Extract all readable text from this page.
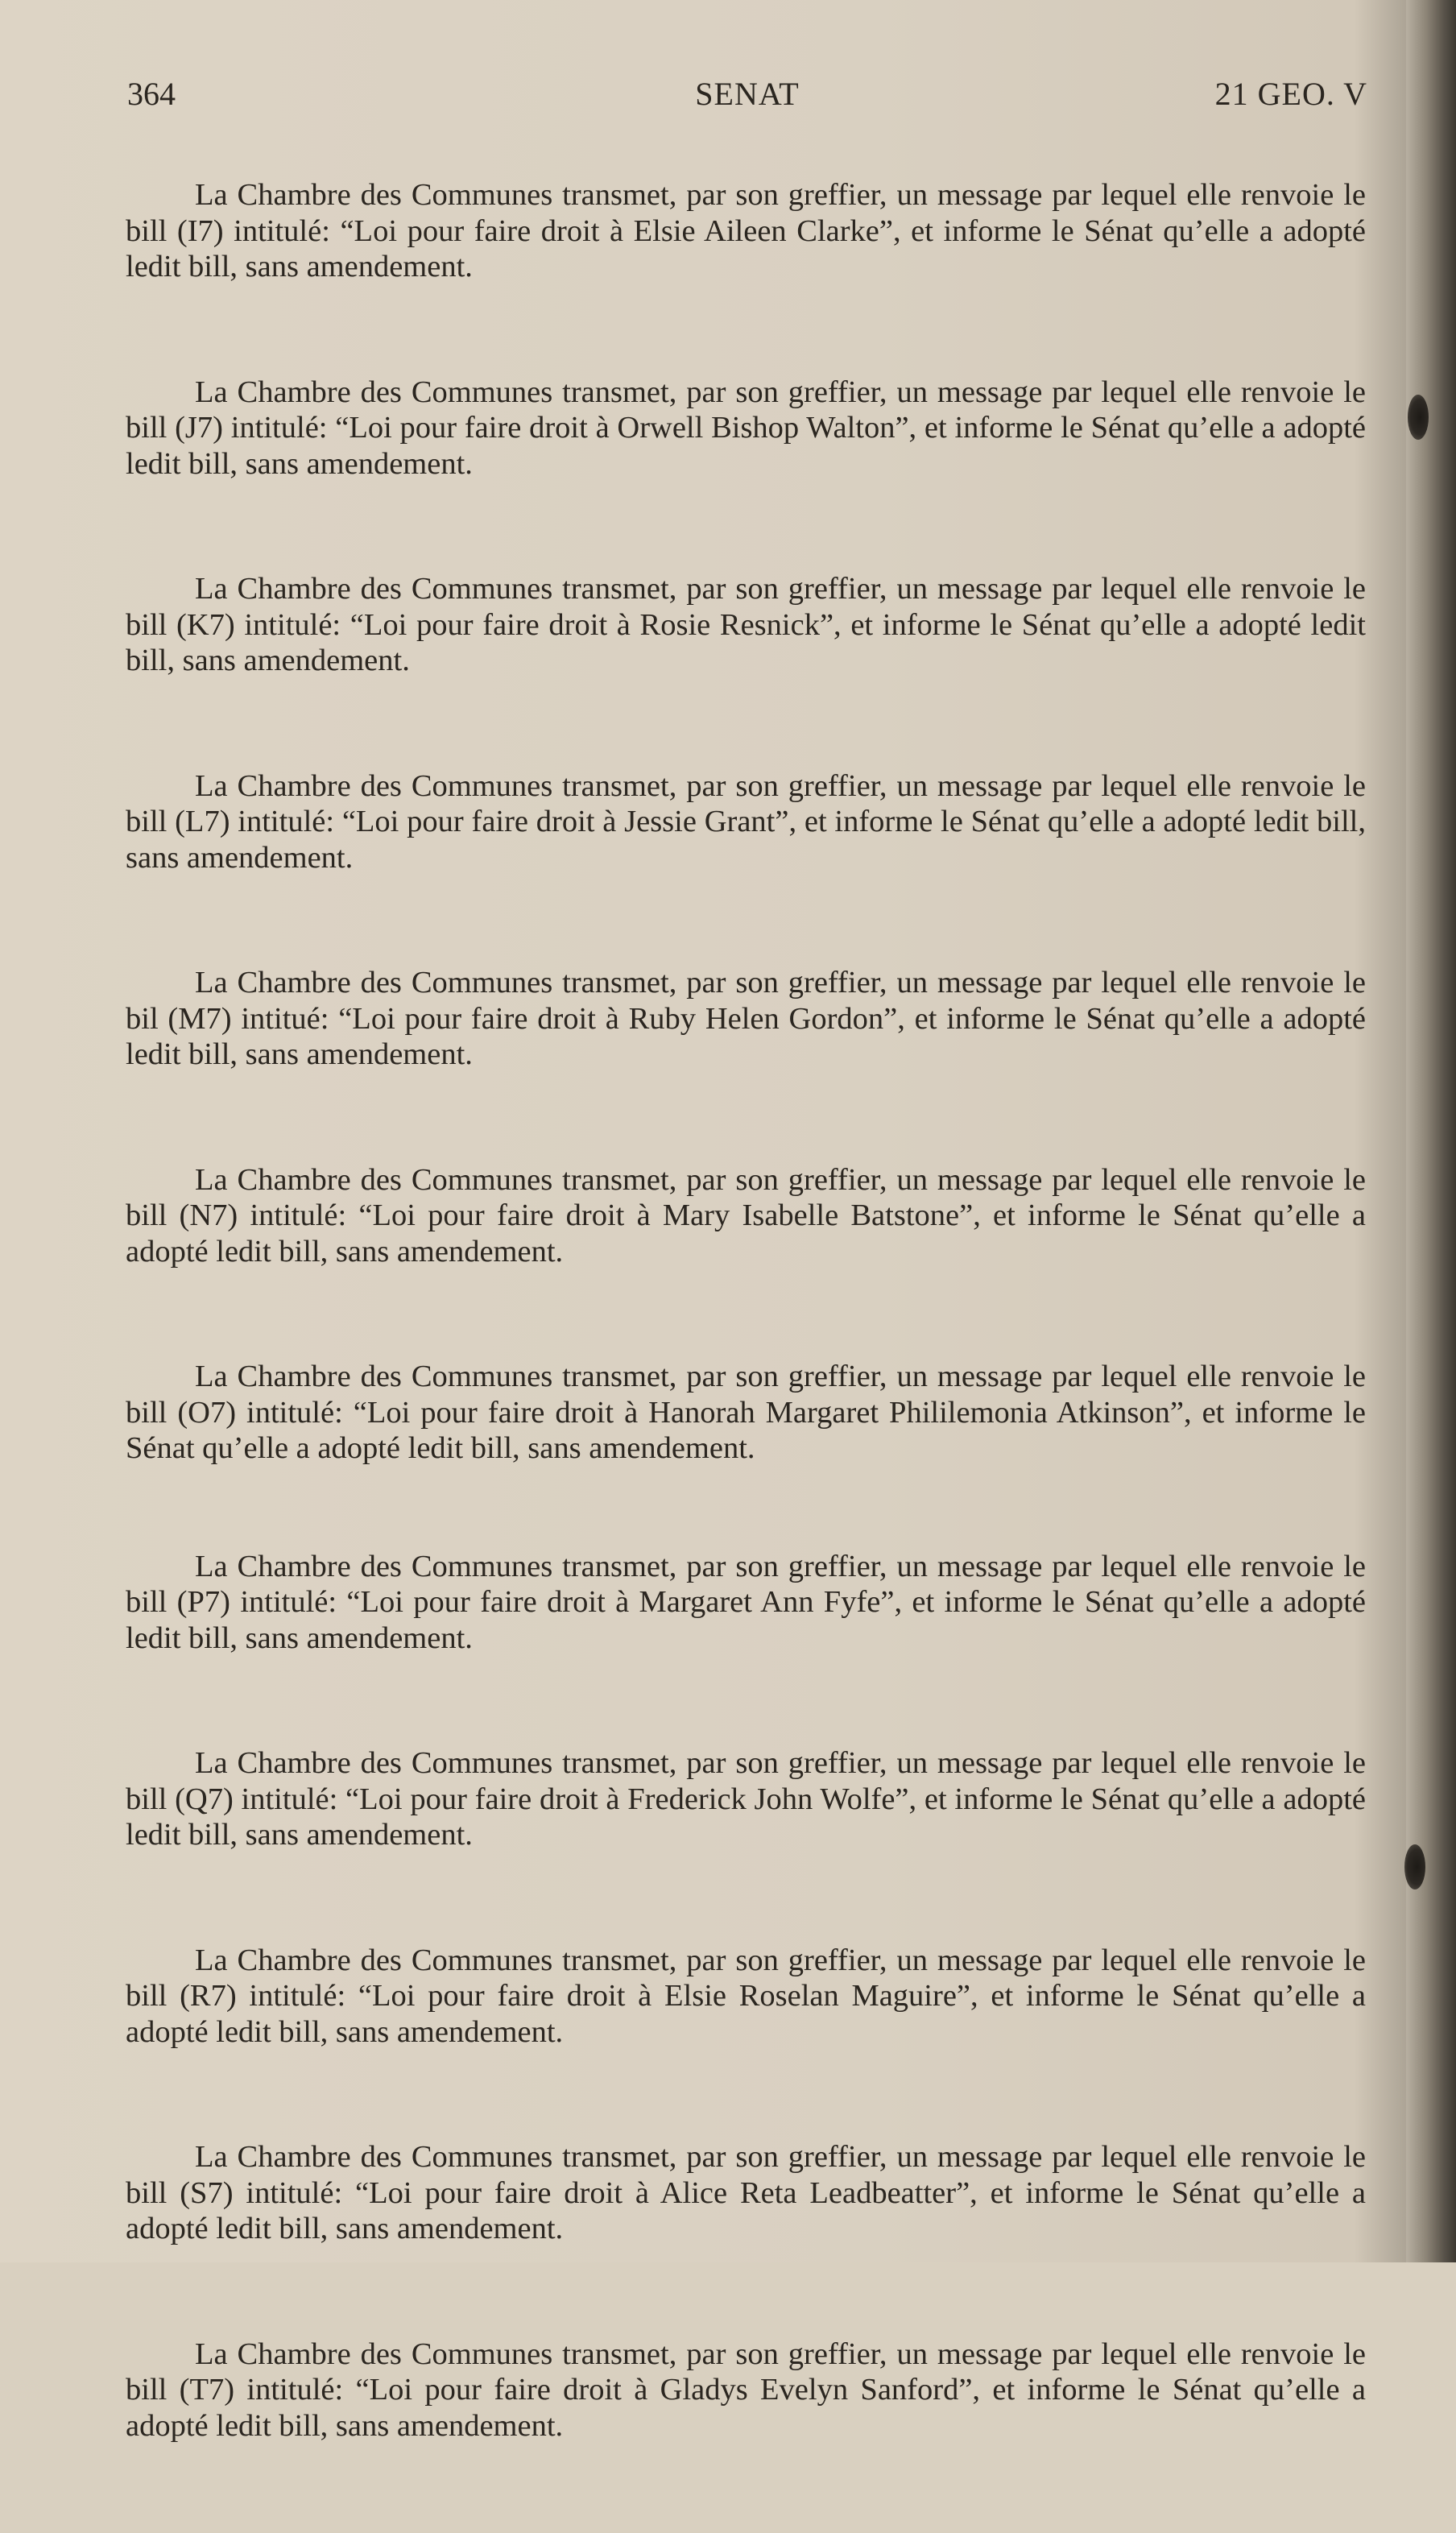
364	SENAT	21 GEO. V

La Chambre des Communes transmet, par son greffier, un message par lequel elle renvoie le bill (I7) intitulé: “Loi pour faire droit à Elsie Aileen Clarke”, et informe le Sénat qu’elle a adopté ledit bill, sans amendement.

La Chambre des Communes transmet, par son greffier, un message par lequel elle renvoie le bill (J7) intitulé: “Loi pour faire droit à Orwell Bishop Walton”, et informe le Sénat qu’elle a adopté ledit bill, sans amendement.

La Chambre des Communes transmet, par son greffier, un message par lequel elle renvoie le bill (K7) intitulé: “Loi pour faire droit à Rosie Resnick”, et informe le Sénat qu’elle a adopté ledit bill, sans amendement.

La Chambre des Communes transmet, par son greffier, un message par lequel elle renvoie le bill (L7) intitulé: “Loi pour faire droit à Jessie Grant”, et informe le Sénat qu’elle a adopté ledit bill, sans amendement.

La Chambre des Communes transmet, par son greffier, un message par lequel elle renvoie le bil (M7) intitué: “Loi pour faire droit à Ruby Helen Gordon”, et informe le Sénat qu’elle a adopté ledit bill, sans amendement.

La Chambre des Communes transmet, par son greffier, un message par lequel elle renvoie le bill (N7) intitulé: “Loi pour faire droit à Mary Isabelle Batstone”, et informe le Sénat qu’elle a adopté ledit bill, sans amendement.

La Chambre des Communes transmet, par son greffier, un message par lequel elle renvoie le bill (O7) intitulé: “Loi pour faire droit à Hanorah Margaret Phililemonia Atkinson”, et informe le Sénat qu’elle a adopté ledit bill, sans amendement.

La Chambre des Communes transmet, par son greffier, un message par lequel elle renvoie le bill (P7) intitulé: “Loi pour faire droit à Margaret Ann Fyfe”, et informe le Sénat qu’elle a adopté ledit bill, sans amendement.

La Chambre des Communes transmet, par son greffier, un message par lequel elle renvoie le bill (Q7) intitulé: “Loi pour faire droit à Frederick John Wolfe”, et informe le Sénat qu’elle a adopté ledit bill, sans amendement.

La Chambre des Communes transmet, par son greffier, un message par lequel elle renvoie le bill (R7) intitulé: “Loi pour faire droit à Elsie Roselan Maguire”, et informe le Sénat qu’elle a adopté ledit bill, sans amendement.

La Chambre des Communes transmet, par son greffier, un message par lequel elle renvoie le bill (S7) intitulé: “Loi pour faire droit à Alice Reta Leadbeatter”, et informe le Sénat qu’elle a adopté ledit bill, sans amendement.

La Chambre des Communes transmet, par son greffier, un message par lequel elle renvoie le bill (T7) intitulé: “Loi pour faire droit à Gladys Evelyn Sanford”, et informe le Sénat qu’elle a adopté ledit bill, sans amendement.
